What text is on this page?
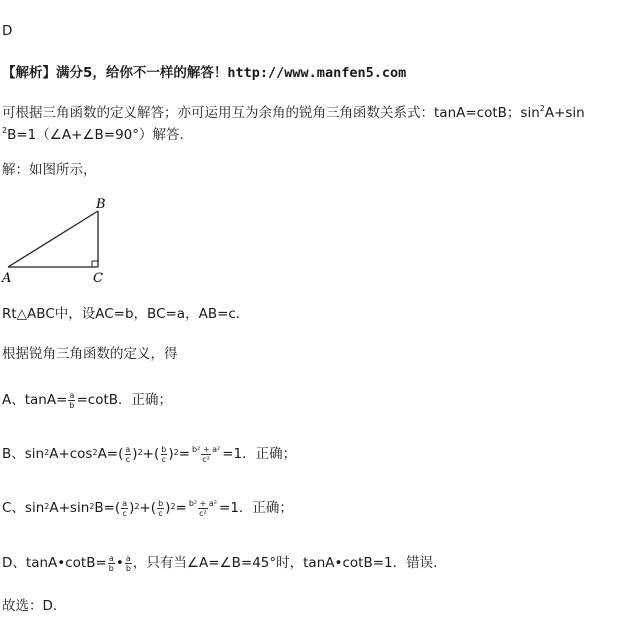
D
【解析】满分5，给你不一样的解答！http://www.manfen5.com
可根据三角函数的定义解答；亦可运用互为余角的锐角三角函数关系式：tanA=cotB；$\sin^2A+\sin$
$^2$B=1（∠A+∠B=90°）解答．
解：如图所示，
A
B
C
Rt△ABC中，设AC=b，BC=a，AB=c．
根据锐角三角函数的定义，得
A、$\tan A= \frac{a}{b} =\cot B$．正确；
B、$\sin^2A+\cos^2A=( \frac{a}{c} )^2+( \frac{b}{c} )^2= \frac{\text{b² + a²}}{\text{c²}} =1$．正确；
C、$\sin^2A+\sin^2B=( \frac{a}{c} )^2+( \frac{b}{c} )^2= \frac{\text{b² + a²}}{\text{c²}} =1$．正确；
D、tanA•cotB= $\frac{a}{b}$ • $\frac{a}{b}$ ，只有当∠A=∠B=45°时，tanA•cotB=1．错误．
故选：D．
